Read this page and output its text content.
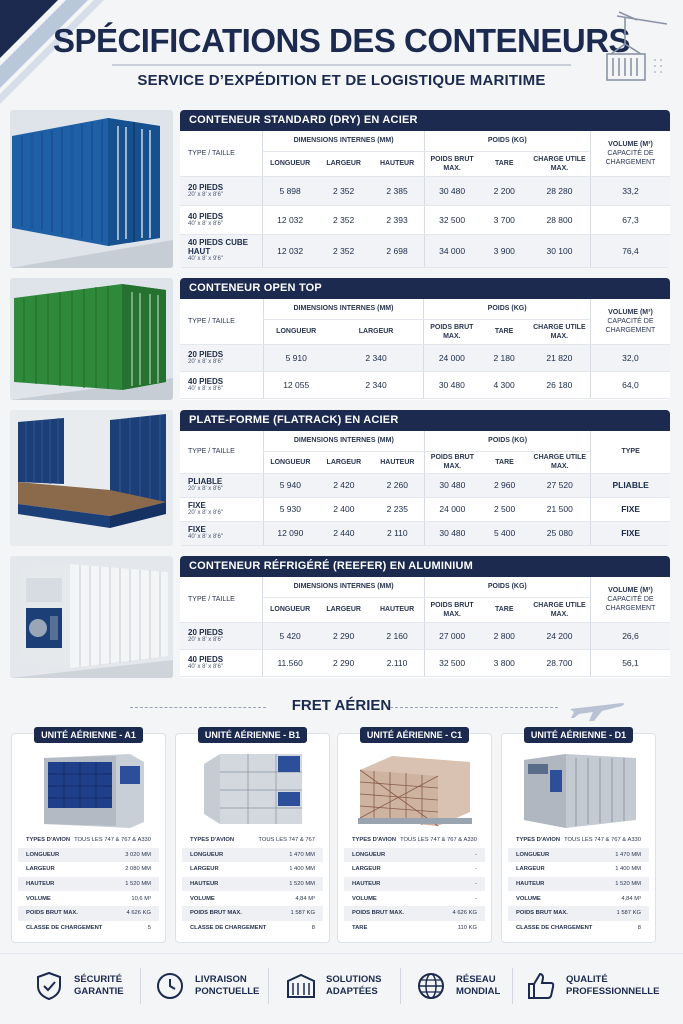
SPÉCIFICATIONS DES CONTENEURS
SERVICE D’EXPÉDITION ET DE LOGISTIQUE MARITIME
CONTENEUR STANDARD (DRY) EN ACIER
TYPE / TAILLE	DIMENSIONS INTERNES (MM)			POIDS (KG)			VOLUME (M³)
CAPACITÉ DE CHARGEMENT

	LONGUEUR	LARGEUR	HAUTEUR	POIDS BRUT MAX.	TARE	CHARGE UTILE MAX.	

20 PIEDS
20' x 8' x 8'6"	5 898	2 352	2 385	30 480	2 200	28 280	33,2

40 PIEDS
40' x 8' x 8'6"	12 032	2 352	2 393	32 500	3 700	28 800	67,3

40 PIEDS CUBE HAUT
40' x 8' x 9'6"	12 032	2 352	2 698	34 000	3 900	30 100	76,4
CONTENEUR OPEN TOP
TYPE / TAILLE	DIMENSIONS INTERNES (MM)		POIDS (KG)			VOLUME (M³)
CAPACITÉ DE CHARGEMENT

	LONGUEUR	LARGEUR	POIDS BRUT MAX.	TARE	CHARGE UTILE MAX.	

20 PIEDS
20' x 8' x 8'6"	5 910	2 340	24 000	2 180	21 820	32,0

40 PIEDS
40' x 8' x 8'6"	12 055	2 340	30 480	4 300	26 180	64,0
PLATE-FORME (FLATRACK) EN ACIER
TYPE / TAILLE	DIMENSIONS INTERNES (MM)			POIDS (KG)			TYPE

	LONGUEUR	LARGEUR	HAUTEUR	POIDS BRUT MAX.	TARE	CHARGE UTILE MAX.	

PLIABLE
20' x 8' x 8'6"	5 940	2 420	2 260	30 480	2 960	27 520	PLIABLE

FIXE
20' x 8' x 8'6"	5 930	2 400	2 235	24 000	2 500	21 500	FIXE

FIXE
40' x 8' x 8'6"	12 090	2 440	2 110	30 480	5 400	25 080	FIXE
CONTENEUR RÉFRIGÉRÉ (REEFER) EN ALUMINIUM
TYPE / TAILLE	DIMENSIONS INTERNES (MM)			POIDS (KG)			VOLUME (M³)
CAPACITÉ DE CHARGEMENT

	LONGUEUR	LARGEUR	HAUTEUR	POIDS BRUT MAX.	TARE	CHARGE UTILE MAX.	

20 PIEDS
20' x 8' x 8'6"	5 420	2 290	2 160	27 000	2 800	24 200	26,6

40 PIEDS
40' x 8' x 8'6"	11.560	2 290	2.110	32 500	3 800	28.700	56,1
FRET AÉRIEN
UNITÉ AÉRIENNE - A1
TYPES D'AVION TOUS LES 747 & 767 & A330
LONGUEUR	3 020 MM
LARGEUR	2 080 MM
HAUTEUR	1 520 MM
VOLUME	10,6 M³
POIDS BRUT MAX.	4 626 KG
CLASSE DE CHARGEMENT	5
UNITÉ AÉRIENNE - B1
TYPES D'AVION	TOUS LES 747 & 767
LONGUEUR	1 470 MM
LARGEUR	1 400 MM
HAUTEUR	1 520 MM
VOLUME	4,84 M³
POIDS BRUT MAX.	1 587 KG
CLASSE DE CHARGEMENT	8
UNITÉ AÉRIENNE - C1
TYPES D'AVION TOUS LES 747 & 767 & A330
LONGUEUR	-
LARGEUR	-
HAUTEUR	-
VOLUME	-
POIDS BRUT MAX.	4 626 KG
TARE	110 KG
UNITÉ AÉRIENNE - D1
TYPES D'AVION TOUS LES 747 & 767 & A330
LONGUEUR	1 470 MM
LARGEUR	1 400 MM
HAUTEUR	1 520 MM
VOLUME	4,84 M³
POIDS BRUT MAX.	1 587 KG
CLASSE DE CHARGEMENT	8
SÉCURITÉ
GARANTIE
LIVRAISON
PONCTUELLE
SOLUTIONS
ADAPTÉES
RÉSEAU
MONDIAL
QUALITÉ
PROFESSIONNELLE
